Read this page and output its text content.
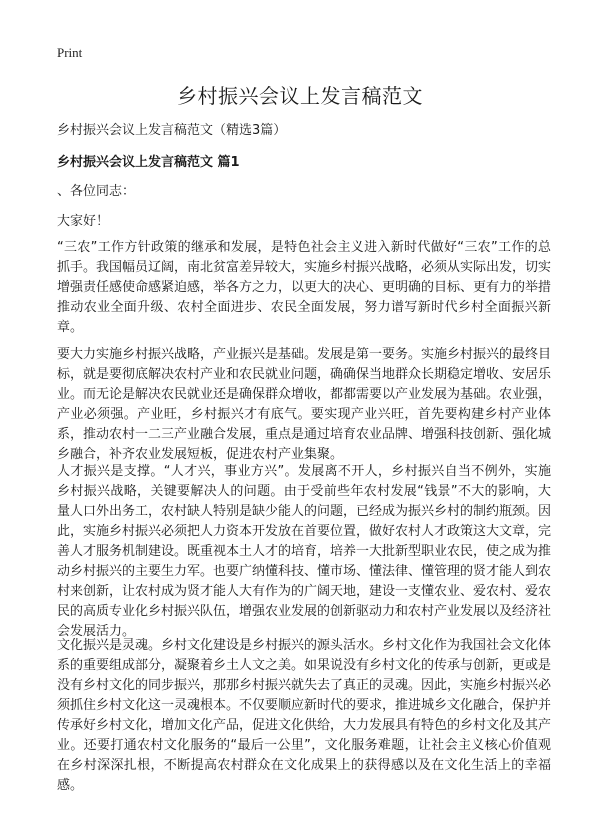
Print
乡村振兴会议上发言稿范文
乡村振兴会议上发言稿范文（精选3篇）
乡村振兴会议上发言稿范文 篇1
、各位同志：
大家好！

“三农”工作方针政策的继承和发展，是特色社会主义进入新时代做好“三农”工作的总抓手。我国幅员辽阔，南北贫富差异较大，实施乡村振兴战略，必须从实际出发，切实增强责任感使命感紧迫感，举各方之力，以更大的决心、更明确的目标、更有力的举措推动农业全面升级、农村全面进步、农民全面发展，努力谱写新时代乡村全面振兴新章。

要大力实施乡村振兴战略，产业振兴是基础。发展是第一要务。实施乡村振兴的最终目标，就是要彻底解决农村产业和农民就业问题，确确保当地群众长期稳定增收、安居乐业。而无论是解决农民就业还是确保群众增收，都都需要以产业发展为基础。农业强，产业必须强。产业旺，乡村振兴才有底气。要实现产业兴旺，首先要构建乡村产业体系，推动农村一二三产业融合发展，重点是通过培育农业品牌、增强科技创新、强化城乡融合，补齐农业发展短板，促进农村产业集聚。

人才振兴是支撑。“人才兴，事业方兴”。发展离不开人，乡村振兴自当不例外，实施乡村振兴战略，关键要解决人的问题。由于受前些年农村发展“钱景”不大的影响，大量人口外出务工，农村缺人特别是缺少能人的问题，已经成为振兴乡村的制约瓶颈。因此，实施乡村振兴必须把人力资本开发放在首要位置，做好农村人才政策这大文章，完善人才服务机制建设。既重视本土人才的培育，培养一大批新型职业农民，使之成为推动乡村振兴的主要生力军。也要广纳懂科技、懂市场、懂法律、懂管理的贤才能人到农村来创新，让农村成为贤才能人大有作为的广阔天地，建设一支懂农业、爱农村、爱农民的高质专业化乡村振兴队伍，增强农业发展的创新驱动力和农村产业发展以及经济社会发展活力。

文化振兴是灵魂。乡村文化建设是乡村振兴的源头活水。乡村文化作为我国社会文化体系的重要组成部分，凝聚着乡土人文之美。如果说没有乡村文化的传承与创新，更或是没有乡村文化的同步振兴，那那乡村振兴就失去了真正的灵魂。因此，实施乡村振兴必须抓住乡村文化这一灵魂根本。不仅要顺应新时代的要求，推进城乡文化融合，保护并传承好乡村文化，增加文化产品，促进文化供给，大力发展具有特色的乡村文化及其产业。还要打通农村文化服务的“最后一公里”，文化服务难题，让社会主义核心价值观在乡村深深扎根，不断提高农村群众在文化成果上的获得感以及在文化生活上的幸福感。
